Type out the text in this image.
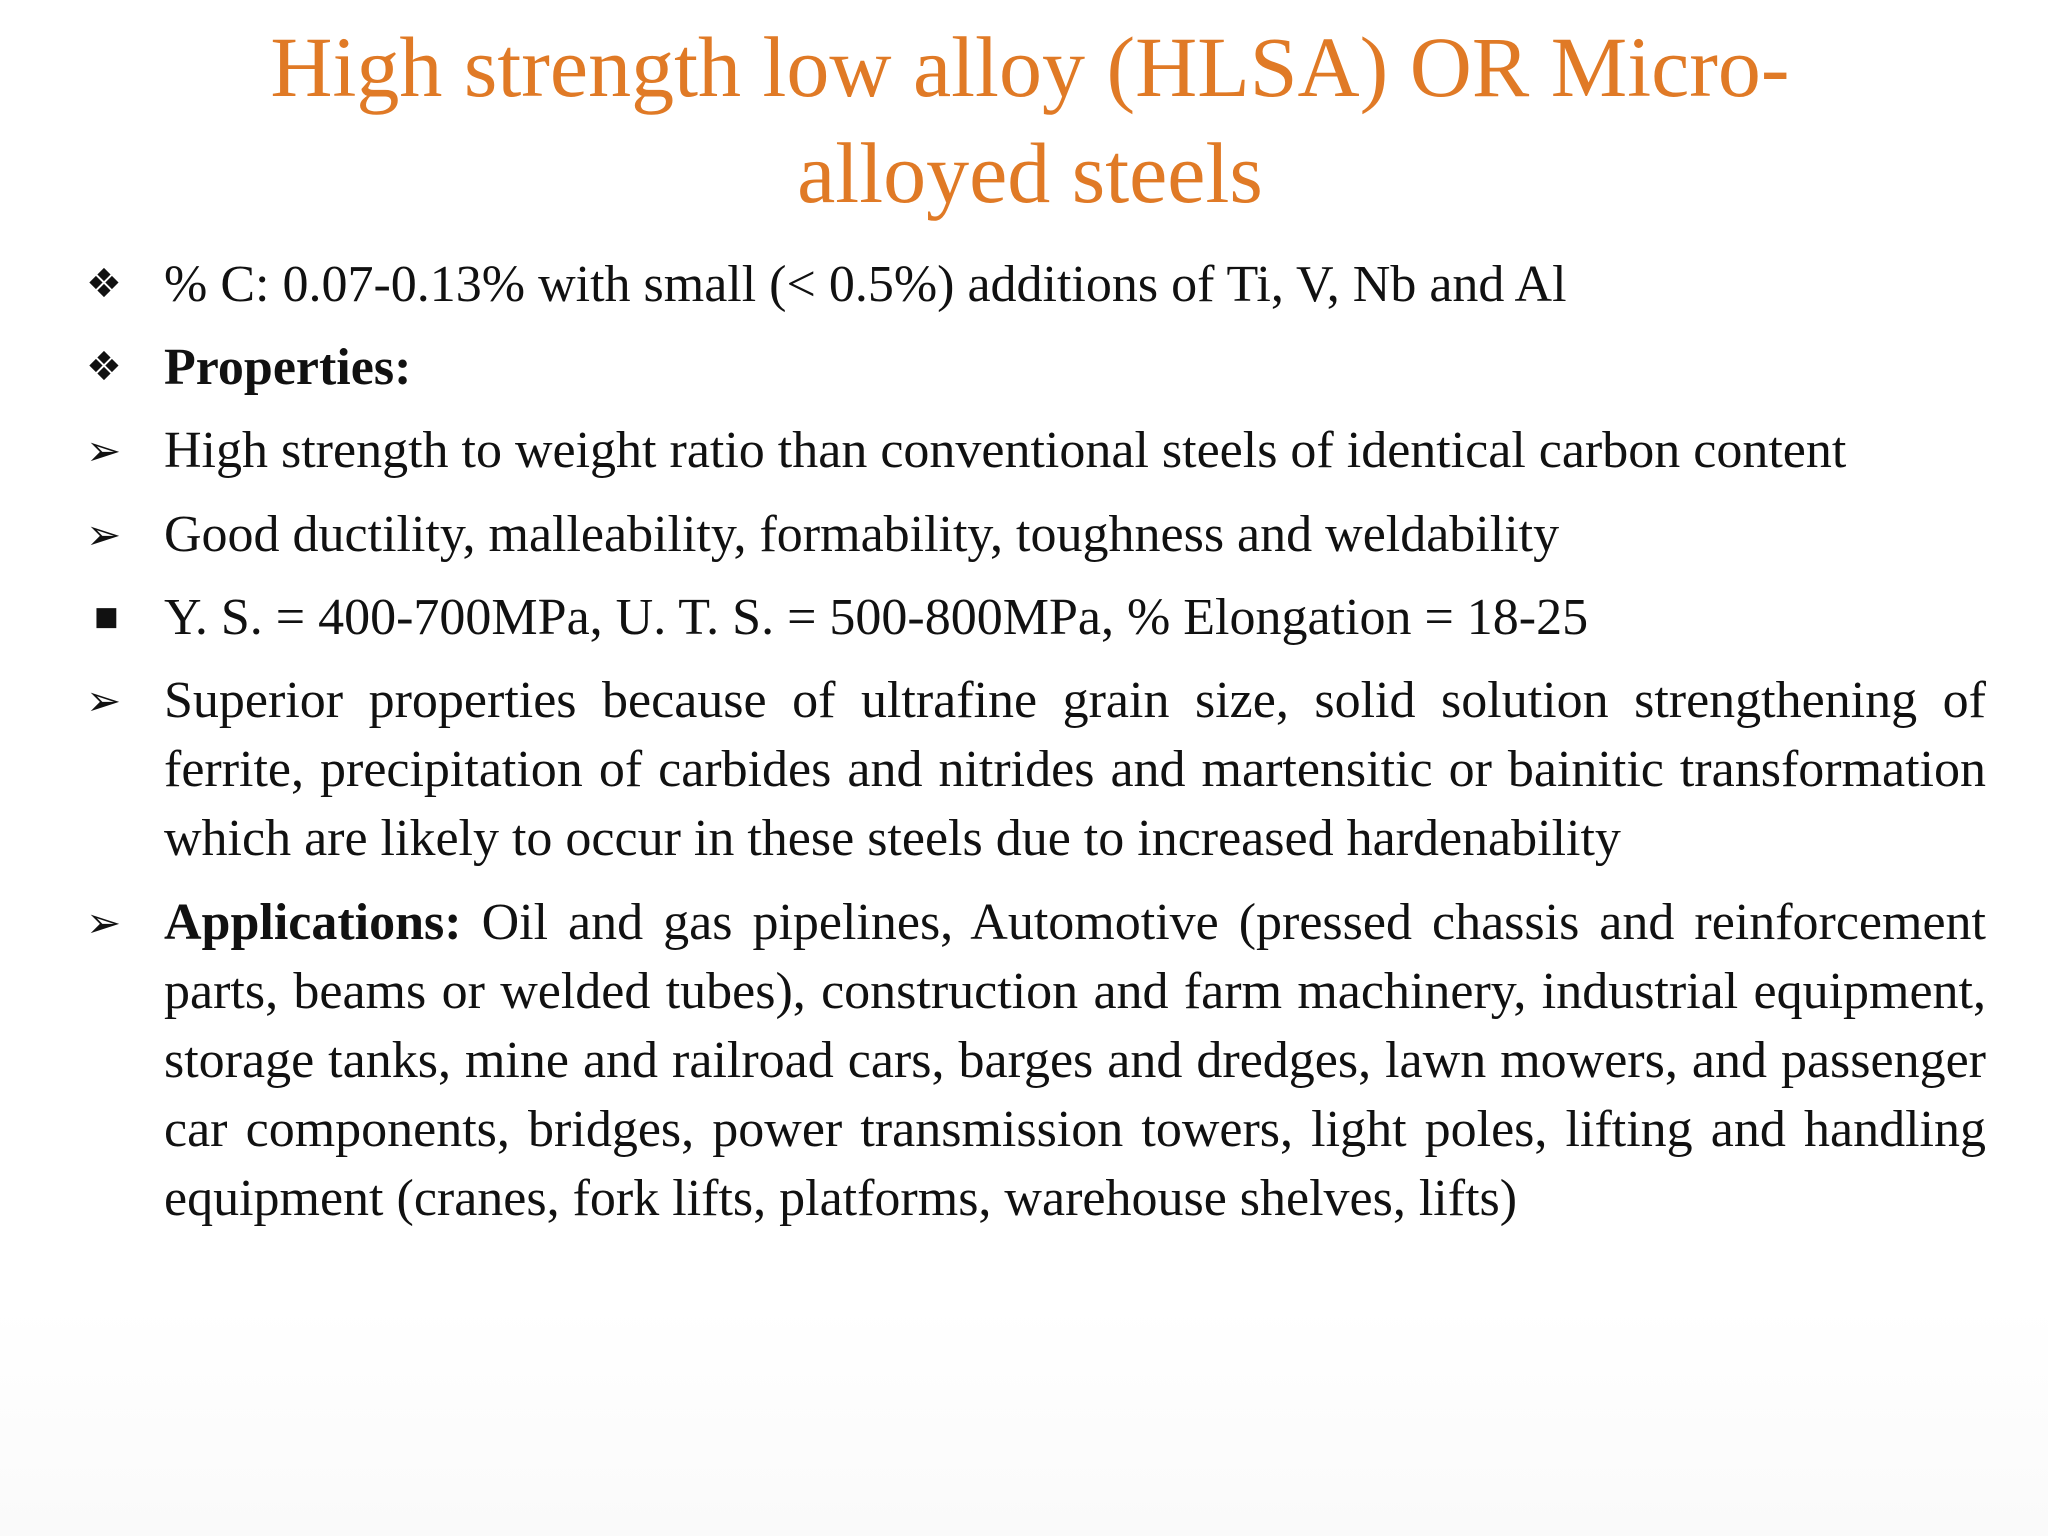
High strength low alloy (HLSA) OR Micro-
alloyed steels
❖ % C: 0.07-0.13% with small (< 0.5%) additions of Ti, V, Nb and Al
❖ Properties:
➢ High strength to weight ratio than conventional steels of identical carbon content
➢ Good ductility, malleability, formability, toughness and weldability
■ Y. S. = 400-700MPa, U. T. S. = 500-800MPa, % Elongation = 18-25
➢ Superior properties because of ultrafine grain size, solid solution strengthening of ferrite, precipitation of carbides and nitrides and martensitic or bainitic transformation which are likely to occur in these steels due to increased hardenability
➢ Applications: Oil and gas pipelines, Automotive (pressed chassis and reinforcement parts, beams or welded tubes), construction and farm machinery, industrial equipment, storage tanks, mine and railroad cars, barges and dredges, lawn mowers, and passenger car components, bridges, power transmission towers, light poles, lifting and handling equipment (cranes, fork lifts, platforms, warehouse shelves, lifts)
